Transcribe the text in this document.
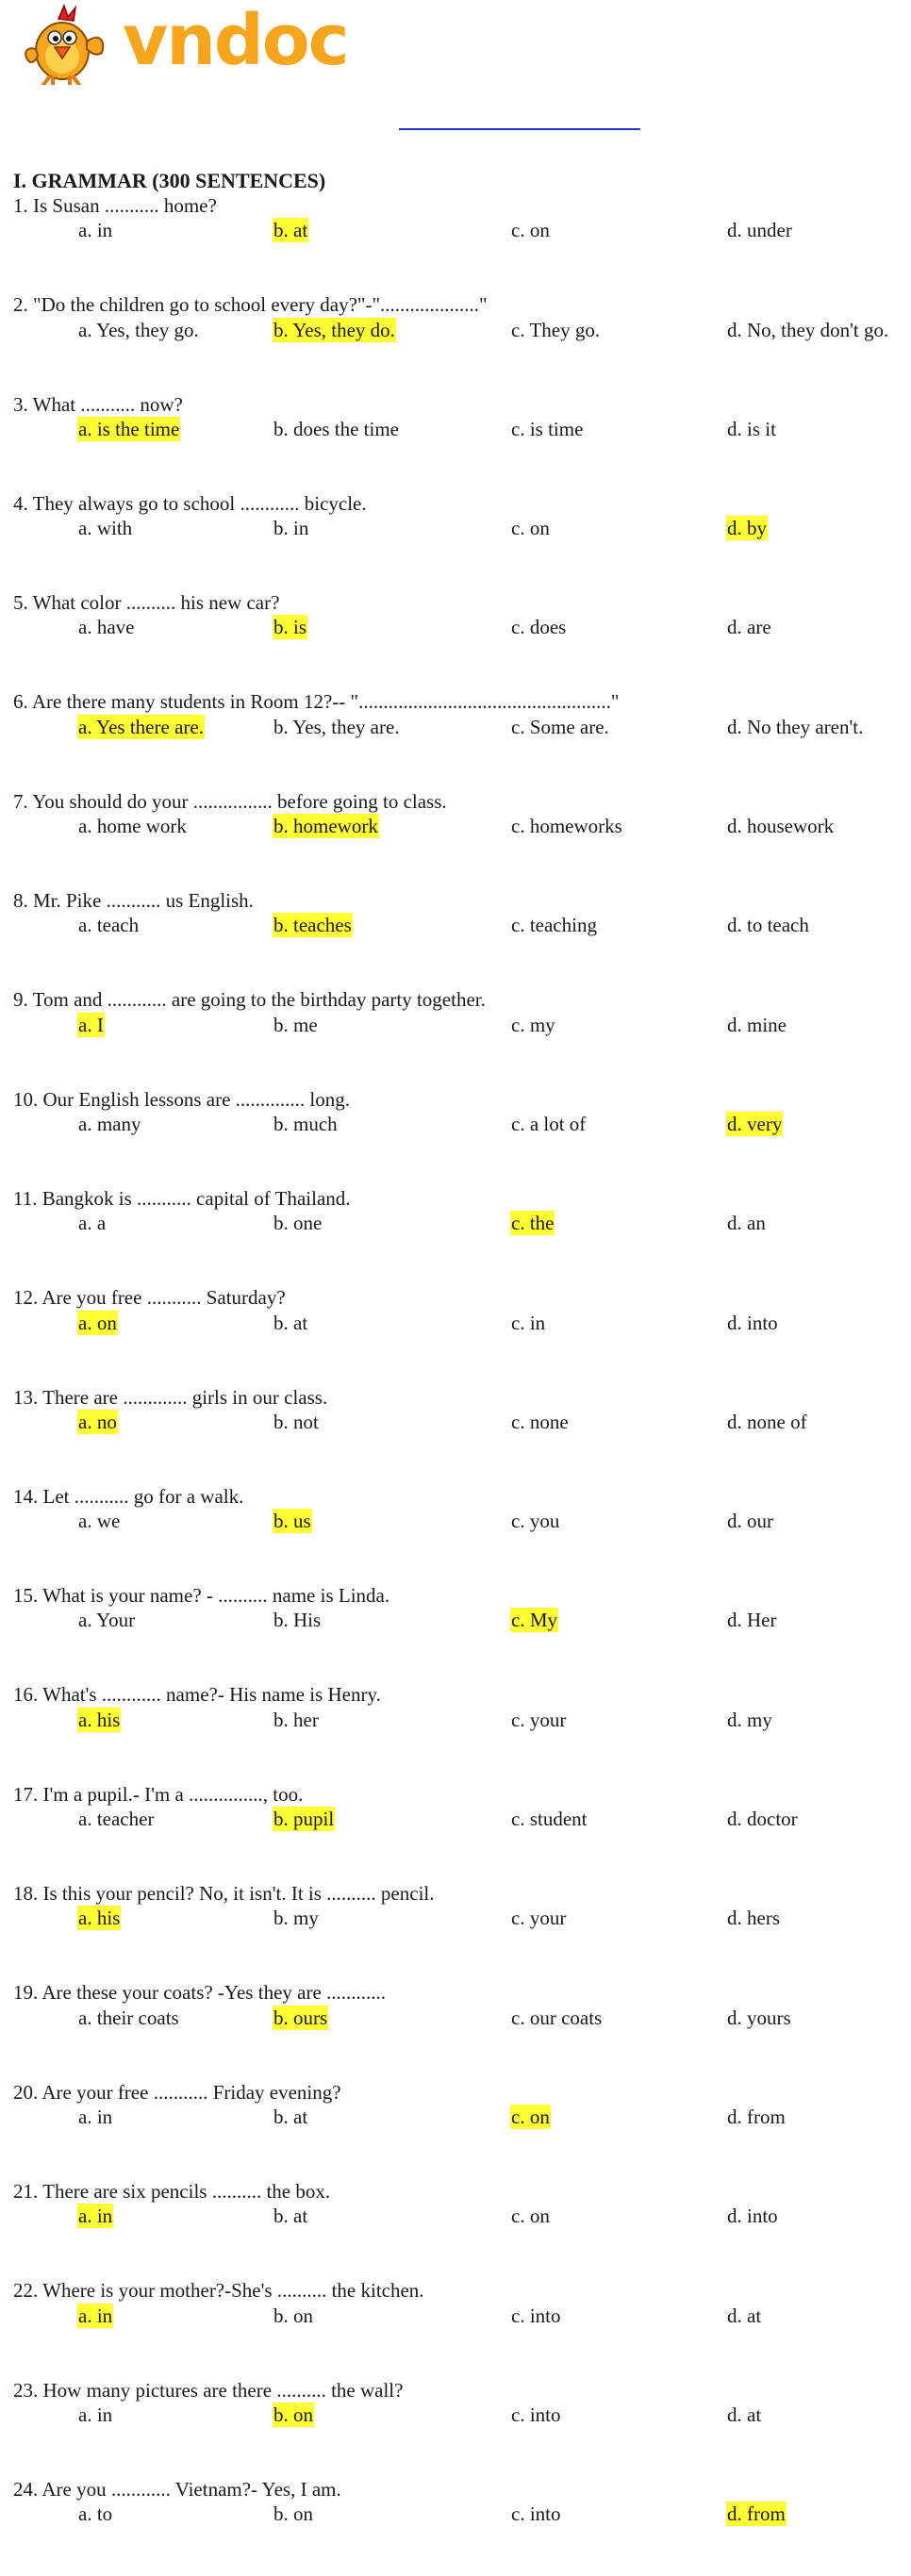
vndoc
I. GRAMMAR (300 SENTENCES)
1. Is Susan ........... home?
a. in	b. at	c. on	d. under
2. "Do the children go to school every day?"-"...................."
a. Yes, they go.	b. Yes, they do.	c. They go.	d. No, they don't go.
3. What ........... now?
a. is the time	b. does the time	c. is time	d. is it
4. They always go to school ............ bicycle.
a. with	b. in	c. on	d. by
5. What color .......... his new car?
a. have	b. is	c. does	d. are
6. Are there many students in Room 12?-- "..................................................."
a. Yes there are.	b. Yes, they are.	c. Some are.	d. No they aren't.
7. You should do your ................ before going to class.
a. home work	b. homework	c. homeworks	d. housework
8. Mr. Pike ........... us English.
a. teach	b. teaches	c. teaching	d. to teach
9. Tom and ............ are going to the birthday party together.
a. I	b. me	c. my	d. mine
10. Our English lessons are .............. long.
a. many	b. much	c. a lot of	d. very
11. Bangkok is ........... capital of Thailand.
a. a	b. one	c. the	d. an
12. Are you free ........... Saturday?
a. on	b. at	c. in	d. into
13. There are ............. girls in our class.
a. no	b. not	c. none	d. none of
14. Let ........... go for a walk.
a. we	b. us	c. you	d. our
15. What is your name? - .......... name is Linda.
a. Your	b. His	c. My	d. Her
16. What's ............ name?- His name is Henry.
a. his	b. her	c. your	d. my
17. I'm a pupil.- I'm a ..............., too.
a. teacher	b. pupil	c. student	d. doctor
18. Is this your pencil? No, it isn't. It is .......... pencil.
a. his	b. my	c. your	d. hers
19. Are these your coats? -Yes they are ............
a. their coats	b. ours	c. our coats	d. yours
20. Are your free ........... Friday evening?
a. in	b. at	c. on	d. from
21. There are six pencils .......... the box.
a. in	b. at	c. on	d. into
22. Where is your mother?-She's .......... the kitchen.
a. in	b. on	c. into	d. at
23. How many pictures are there .......... the wall?
a. in	b. on	c. into	d. at
24. Are you ............ Vietnam?- Yes, I am.
a. to	b. on	c. into	d. from
